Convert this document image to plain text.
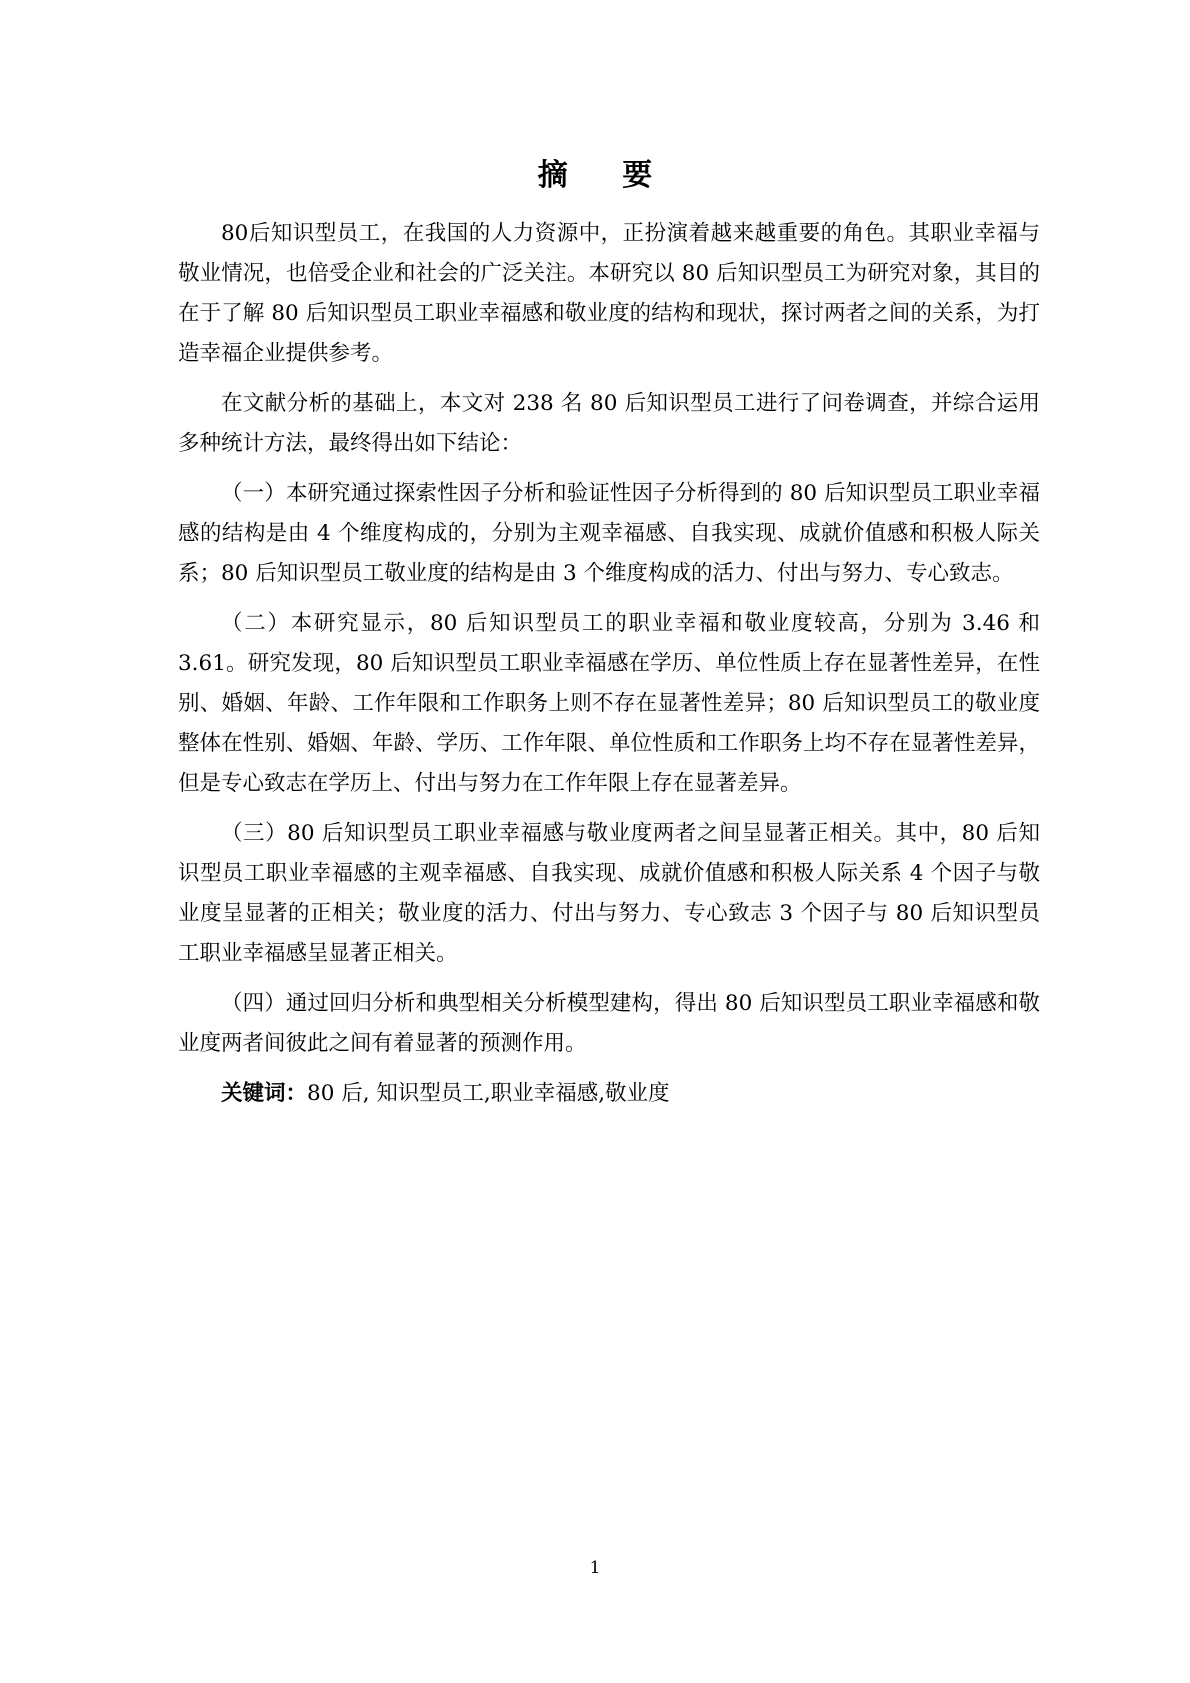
摘 要

80后知识型员工，在我国的人力资源中，正扮演着越来越重要的角色。其职业幸福与敬业情况，也倍受企业和社会的广泛关注。本研究以 80 后知识型员工为研究对象，其目的在于了解 80 后知识型员工职业幸福感和敬业度的结构和现状，探讨两者之间的关系，为打造幸福企业提供参考。

在文献分析的基础上，本文对 238 名 80 后知识型员工进行了问卷调查，并综合运用多种统计方法，最终得出如下结论：

（一）本研究通过探索性因子分析和验证性因子分析得到的 80 后知识型员工职业幸福感的结构是由 4 个维度构成的，分别为主观幸福感、自我实现、成就价值感和积极人际关系；80 后知识型员工敬业度的结构是由 3 个维度构成的活力、付出与努力、专心致志。

（二）本研究显示，80 后知识型员工的职业幸福和敬业度较高，分别为 3.46 和 3.61。研究发现，80 后知识型员工职业幸福感在学历、单位性质上存在显著性差异，在性别、婚姻、年龄、工作年限和工作职务上则不存在显著性差异；80 后知识型员工的敬业度整体在性别、婚姻、年龄、学历、工作年限、单位性质和工作职务上均不存在显著性差异，但是专心致志在学历上、付出与努力在工作年限上存在显著差异。

（三）80 后知识型员工职业幸福感与敬业度两者之间呈显著正相关。其中，80 后知识型员工职业幸福感的主观幸福感、自我实现、成就价值感和积极人际关系 4 个因子与敬业度呈显著的正相关；敬业度的活力、付出与努力、专心致志 3 个因子与 80 后知识型员工职业幸福感呈显著正相关。

（四）通过回归分析和典型相关分析模型建构，得出 80 后知识型员工职业幸福感和敬业度两者间彼此之间有着显著的预测作用。

关键词：80 后, 知识型员工,职业幸福感,敬业度

1
